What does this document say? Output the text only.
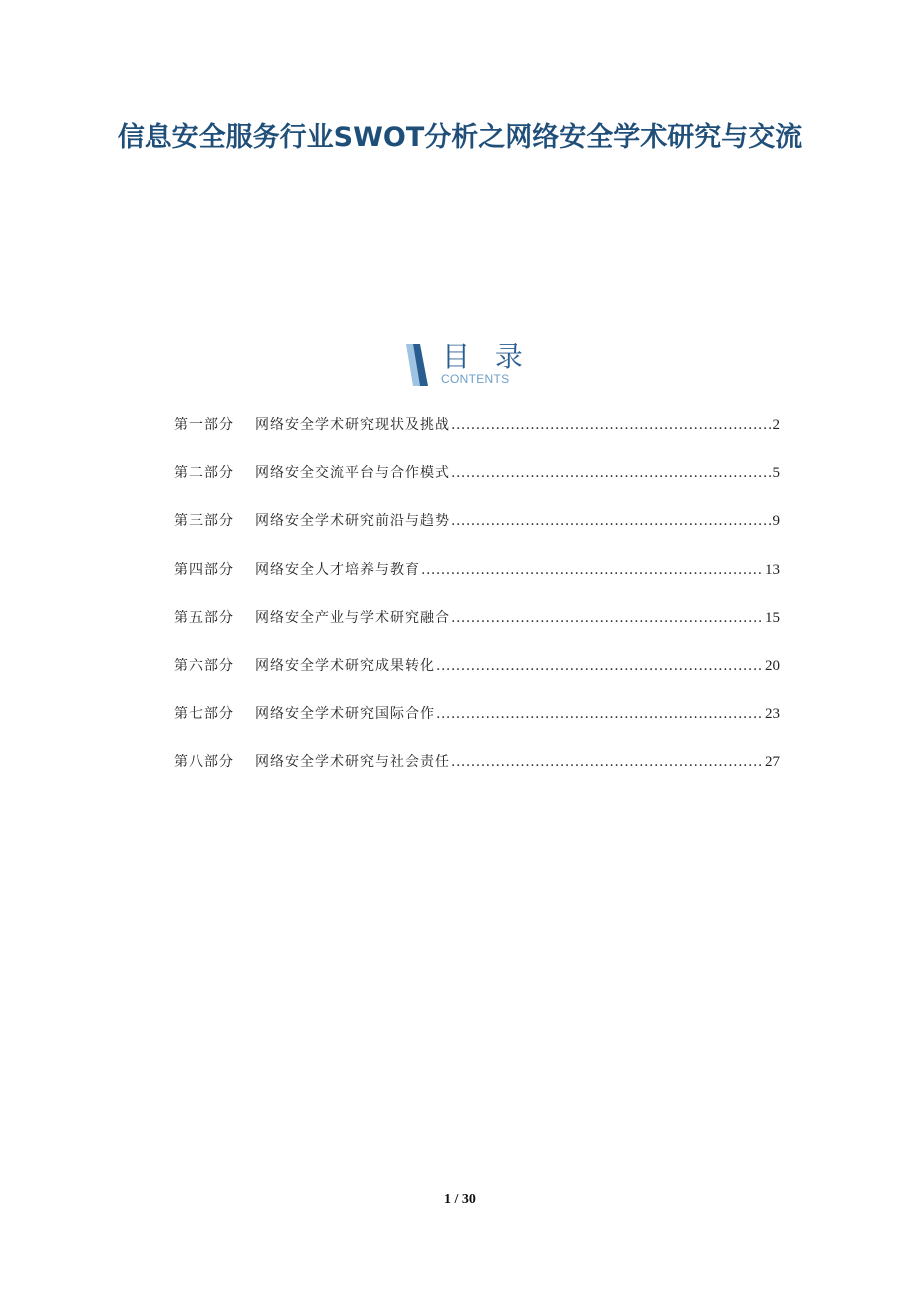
信息安全服务行业SWOT分析之网络安全学术研究与交流
目 录
CONTENTS
第一部分	网络安全学术研究现状及挑战 .....	2
第二部分	网络安全交流平台与合作模式 .....	5
第三部分	网络安全学术研究前沿与趋势 .....	9
第四部分	网络安全人才培养与教育 .....	13
第五部分	网络安全产业与学术研究融合 .....	15
第六部分	网络安全学术研究成果转化 .....	20
第七部分	网络安全学术研究国际合作 .....	23
第八部分	网络安全学术研究与社会责任 .....	27
1 / 30
